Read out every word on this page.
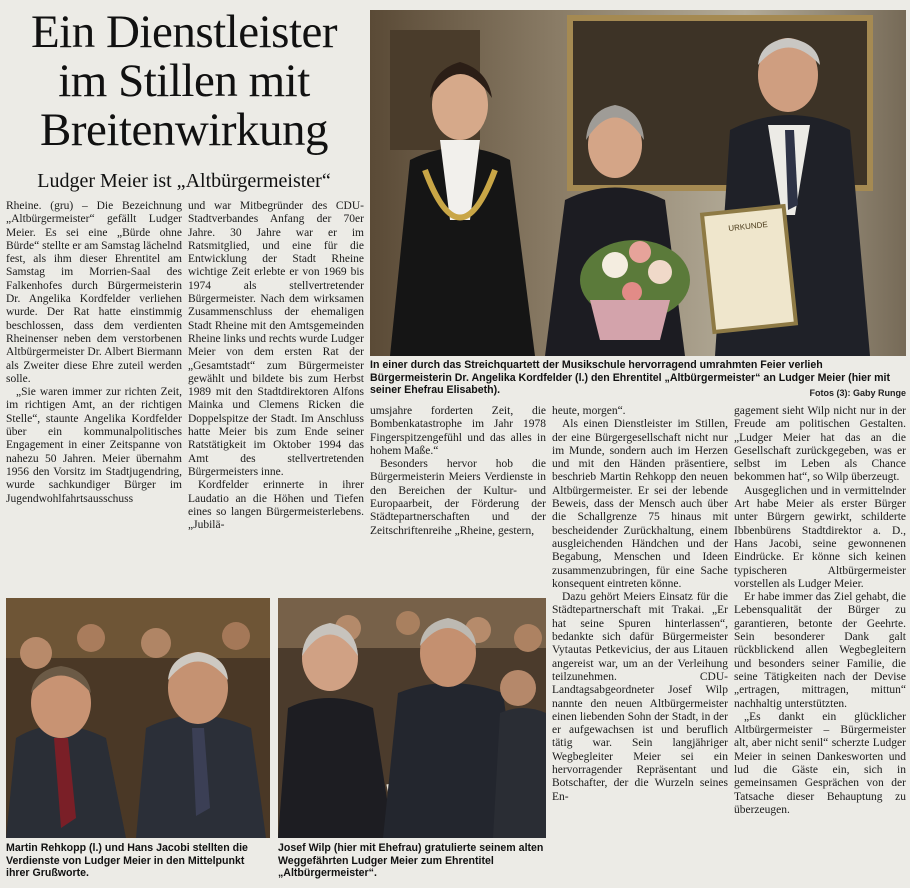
Ein Dienstleister
im Stillen mit
Breitenwirkung
Ludger Meier ist „Altbürgermeister“

Rheine. (gru) – Die Bezeichnung „Altbürgermeister“ gefällt Ludger Meier. Es sei eine „Bürde ohne Bürde“ stellte er am Samstag lächelnd fest, als ihm dieser Ehrentitel am Samstag im Morrien-Saal des Falkenhofes durch Bürgermeisterin Dr. Angelika Kordfelder verliehen wurde. Der Rat hatte einstimmig beschlossen, dass dem verdienten Rheinenser neben dem verstorbenen Altbürgermeister Dr. Albert Biermann als Zweiter diese Ehre zuteil werden solle.

„Sie waren immer zur richten Zeit, im richtigen Amt, an der richtigen Stelle“, staunte Angelika Kordfelder über ein kommunalpolitisches Engagement in einer Zeitspanne von nahezu 50 Jahren. Meier übernahm 1956 den Vorsitz im Stadtjugendring, wurde sachkundiger Bürger im Jugendwohlfahrtsausschuss

und war Mitbegründer des CDU-Stadtverbandes Anfang der 70er Jahre. 30 Jahre war er im Ratsmitglied, und eine für die Entwicklung der Stadt Rheine wichtige Zeit erlebte er von 1969 bis 1974 als stellvertretender Bürgermeister. Nach dem wirksamen Zusammenschluss der ehemaligen Stadt Rheine mit den Amtsgemeinden Rheine links und rechts wurde Ludger Meier von dem ersten Rat der „Gesamtstadt“ zum Bürgermeister gewählt und bildete bis zum Herbst 1989 mit den Stadtdirektoren Alfons Mainka und Clemens Ricken die Doppelspitze der Stadt. Im Anschluss hatte Meier bis zum Ende seiner Ratstätigkeit im Oktober 1994 das Amt des stellvertretenden Bürgermeisters inne.

Kordfelder erinnerte in ihrer Laudatio an die Höhen und Tiefen eines so langen Bürgermeisterlebens. „Jubilä-

URKUNDE
In einer durch das Streichquartett der Musikschule hervorragend umrahmten Feier verlieh Bürgermeisterin Dr. Angelika Kordfelder (l.) den Ehrentitel „Altbürgermeister“ an Ludger Meier (hier mit seiner Ehefrau Elisabeth).	Fotos (3): Gaby Runge

umsjahre forderten Zeit, die Bombenkatastrophe im Jahr 1978 Fingerspitzengefühl und das alles in hohem Maße.“

Besonders hervor hob die Bürgermeisterin Meiers Verdienste in den Bereichen der Kultur- und Europaarbeit, der Förderung der Städtepartnerschaften und der Zeitschriftenreihe „Rheine, gestern,

heute, morgen“.

Als einen Dienstleister im Stillen, der eine Bürgergesellschaft nicht nur im Munde, sondern auch im Herzen und mit den Händen präsentiere, beschrieb Martin Rehkopp den neuen Altbürgermeister. Er sei der lebende Beweis, dass der Mensch auch über die Schallgrenze 75 hinaus mit bescheidender Zurückhaltung, einem ausgleichenden Händchen und der Begabung, Menschen und Ideen zusammenzubringen, für eine Sache konsequent eintreten könne.

Dazu gehört Meiers Einsatz für die Städtepartnerschaft mit Trakai. „Er hat seine Spuren hinterlassen“, bedankte sich dafür Bürgermeister Vytautas Petkevicius, der aus Litauen angereist war, um an der Verleihung teilzunehmen. CDU-Landtagsabgeordneter Josef Wilp nannte den neuen Altbürgermeister einen liebenden Sohn der Stadt, in der er aufgewachsen ist und beruflich tätig war. Sein langjähriger Wegbegleiter Meier sei ein hervorragender Repräsentant und Botschafter, der die Wurzeln seines En-

gagement sieht Wilp nicht nur in der Freude am politischen Gestalten. „Ludger Meier hat das an die Gesellschaft zurückgegeben, was er selbst im Leben als Chance bekommen hat“, so Wilp überzeugt.

Ausgeglichen und in vermittelnder Art habe Meier als erster Bürger unter Bürgern gewirkt, schilderte Ibbenbürens Stadtdirektor a. D., Hans Jacobi, seine gewonnenen Eindrücke. Er könne sich keinen typischeren Altbürgermeister vorstellen als Ludger Meier.

Er habe immer das Ziel gehabt, die Lebensqualität der Bürger zu garantieren, betonte der Geehrte. Sein besonderer Dank galt rückblickend allen Wegbegleitern und besonders seiner Familie, die seine Tätigkeiten nach der Devise „ertragen, mittragen, mittun“ nachhaltig unterstützten.

„Es dankt ein glücklicher Altbürgermeister – Bürgermeister alt, aber nicht senil“ scherzte Ludger Meier in seinen Dankesworten und lud die Gäste ein, sich in gemeinsamen Gesprächen von der Tatsache dieser Behauptung zu überzeugen.

Martin Rehkopp (l.) und Hans Jacobi stellten die Verdienste von Ludger Meier in den Mittelpunkt ihrer Grußworte.
Josef Wilp (hier mit Ehefrau) gratulierte seinem alten Weggefährten Ludger Meier zum Ehrentitel „Altbürgermeister“.
